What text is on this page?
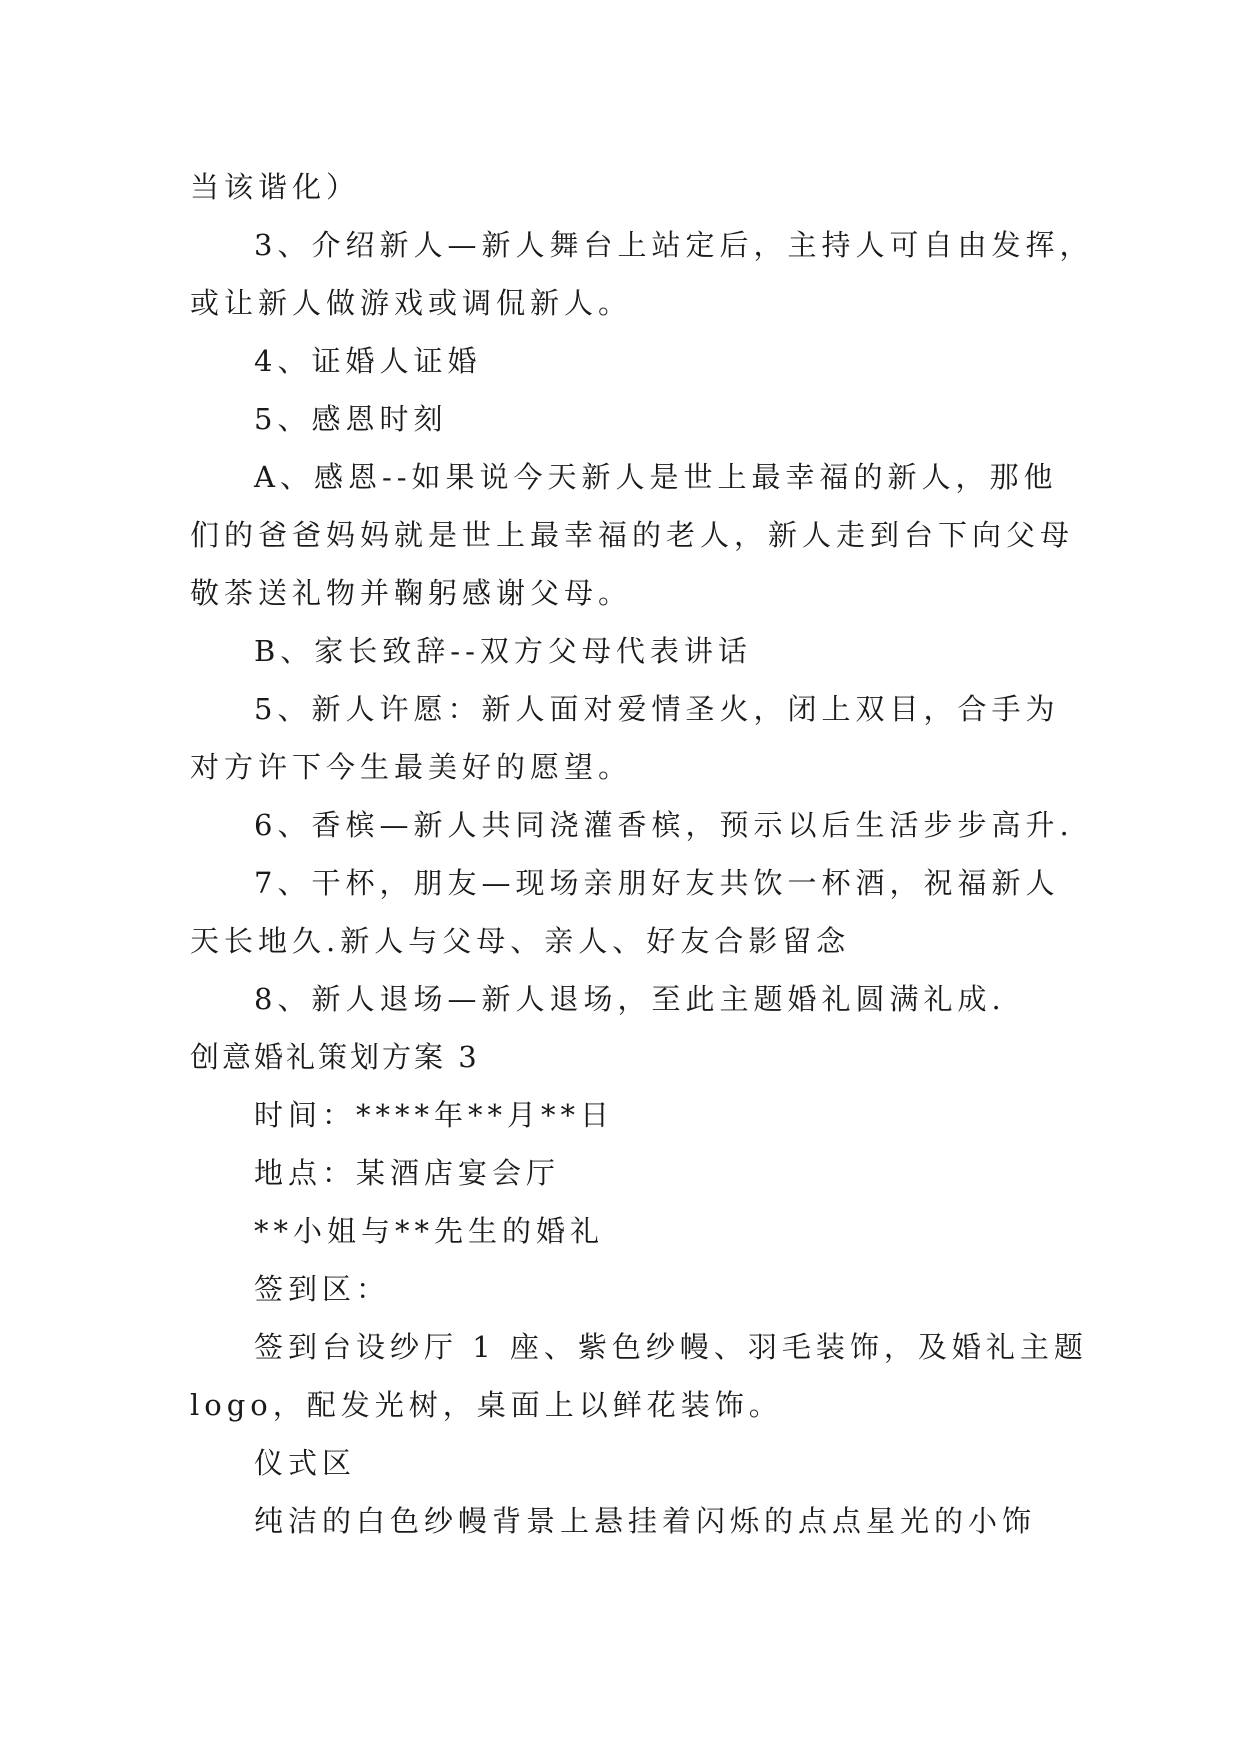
当该谐化）
3、介绍新人—新人舞台上站定后，主持人可自由发挥，
或让新人做游戏或调侃新人。
4、证婚人证婚
5、感恩时刻
A、感恩--如果说今天新人是世上最幸福的新人，那他
们的爸爸妈妈就是世上最幸福的老人，新人走到台下向父母
敬茶送礼物并鞠躬感谢父母。
B、家长致辞--双方父母代表讲话
5、新人许愿：新人面对爱情圣火，闭上双目，合手为
对方许下今生最美好的愿望。
6、香槟—新人共同浇灌香槟，预示以后生活步步高升.
7、干杯，朋友—现场亲朋好友共饮一杯酒，祝福新人
天长地久.新人与父母、亲人、好友合影留念
8、新人退场—新人退场，至此主题婚礼圆满礼成.
创意婚礼策划方案 3
时间：****年**月**日
地点：某酒店宴会厅
**小姐与**先生的婚礼
签到区：
签到台设纱厅 1 座、紫色纱幔、羽毛装饰，及婚礼主题
logo，配发光树，桌面上以鲜花装饰。
仪式区
纯洁的白色纱幔背景上悬挂着闪烁的点点星光的小饰
